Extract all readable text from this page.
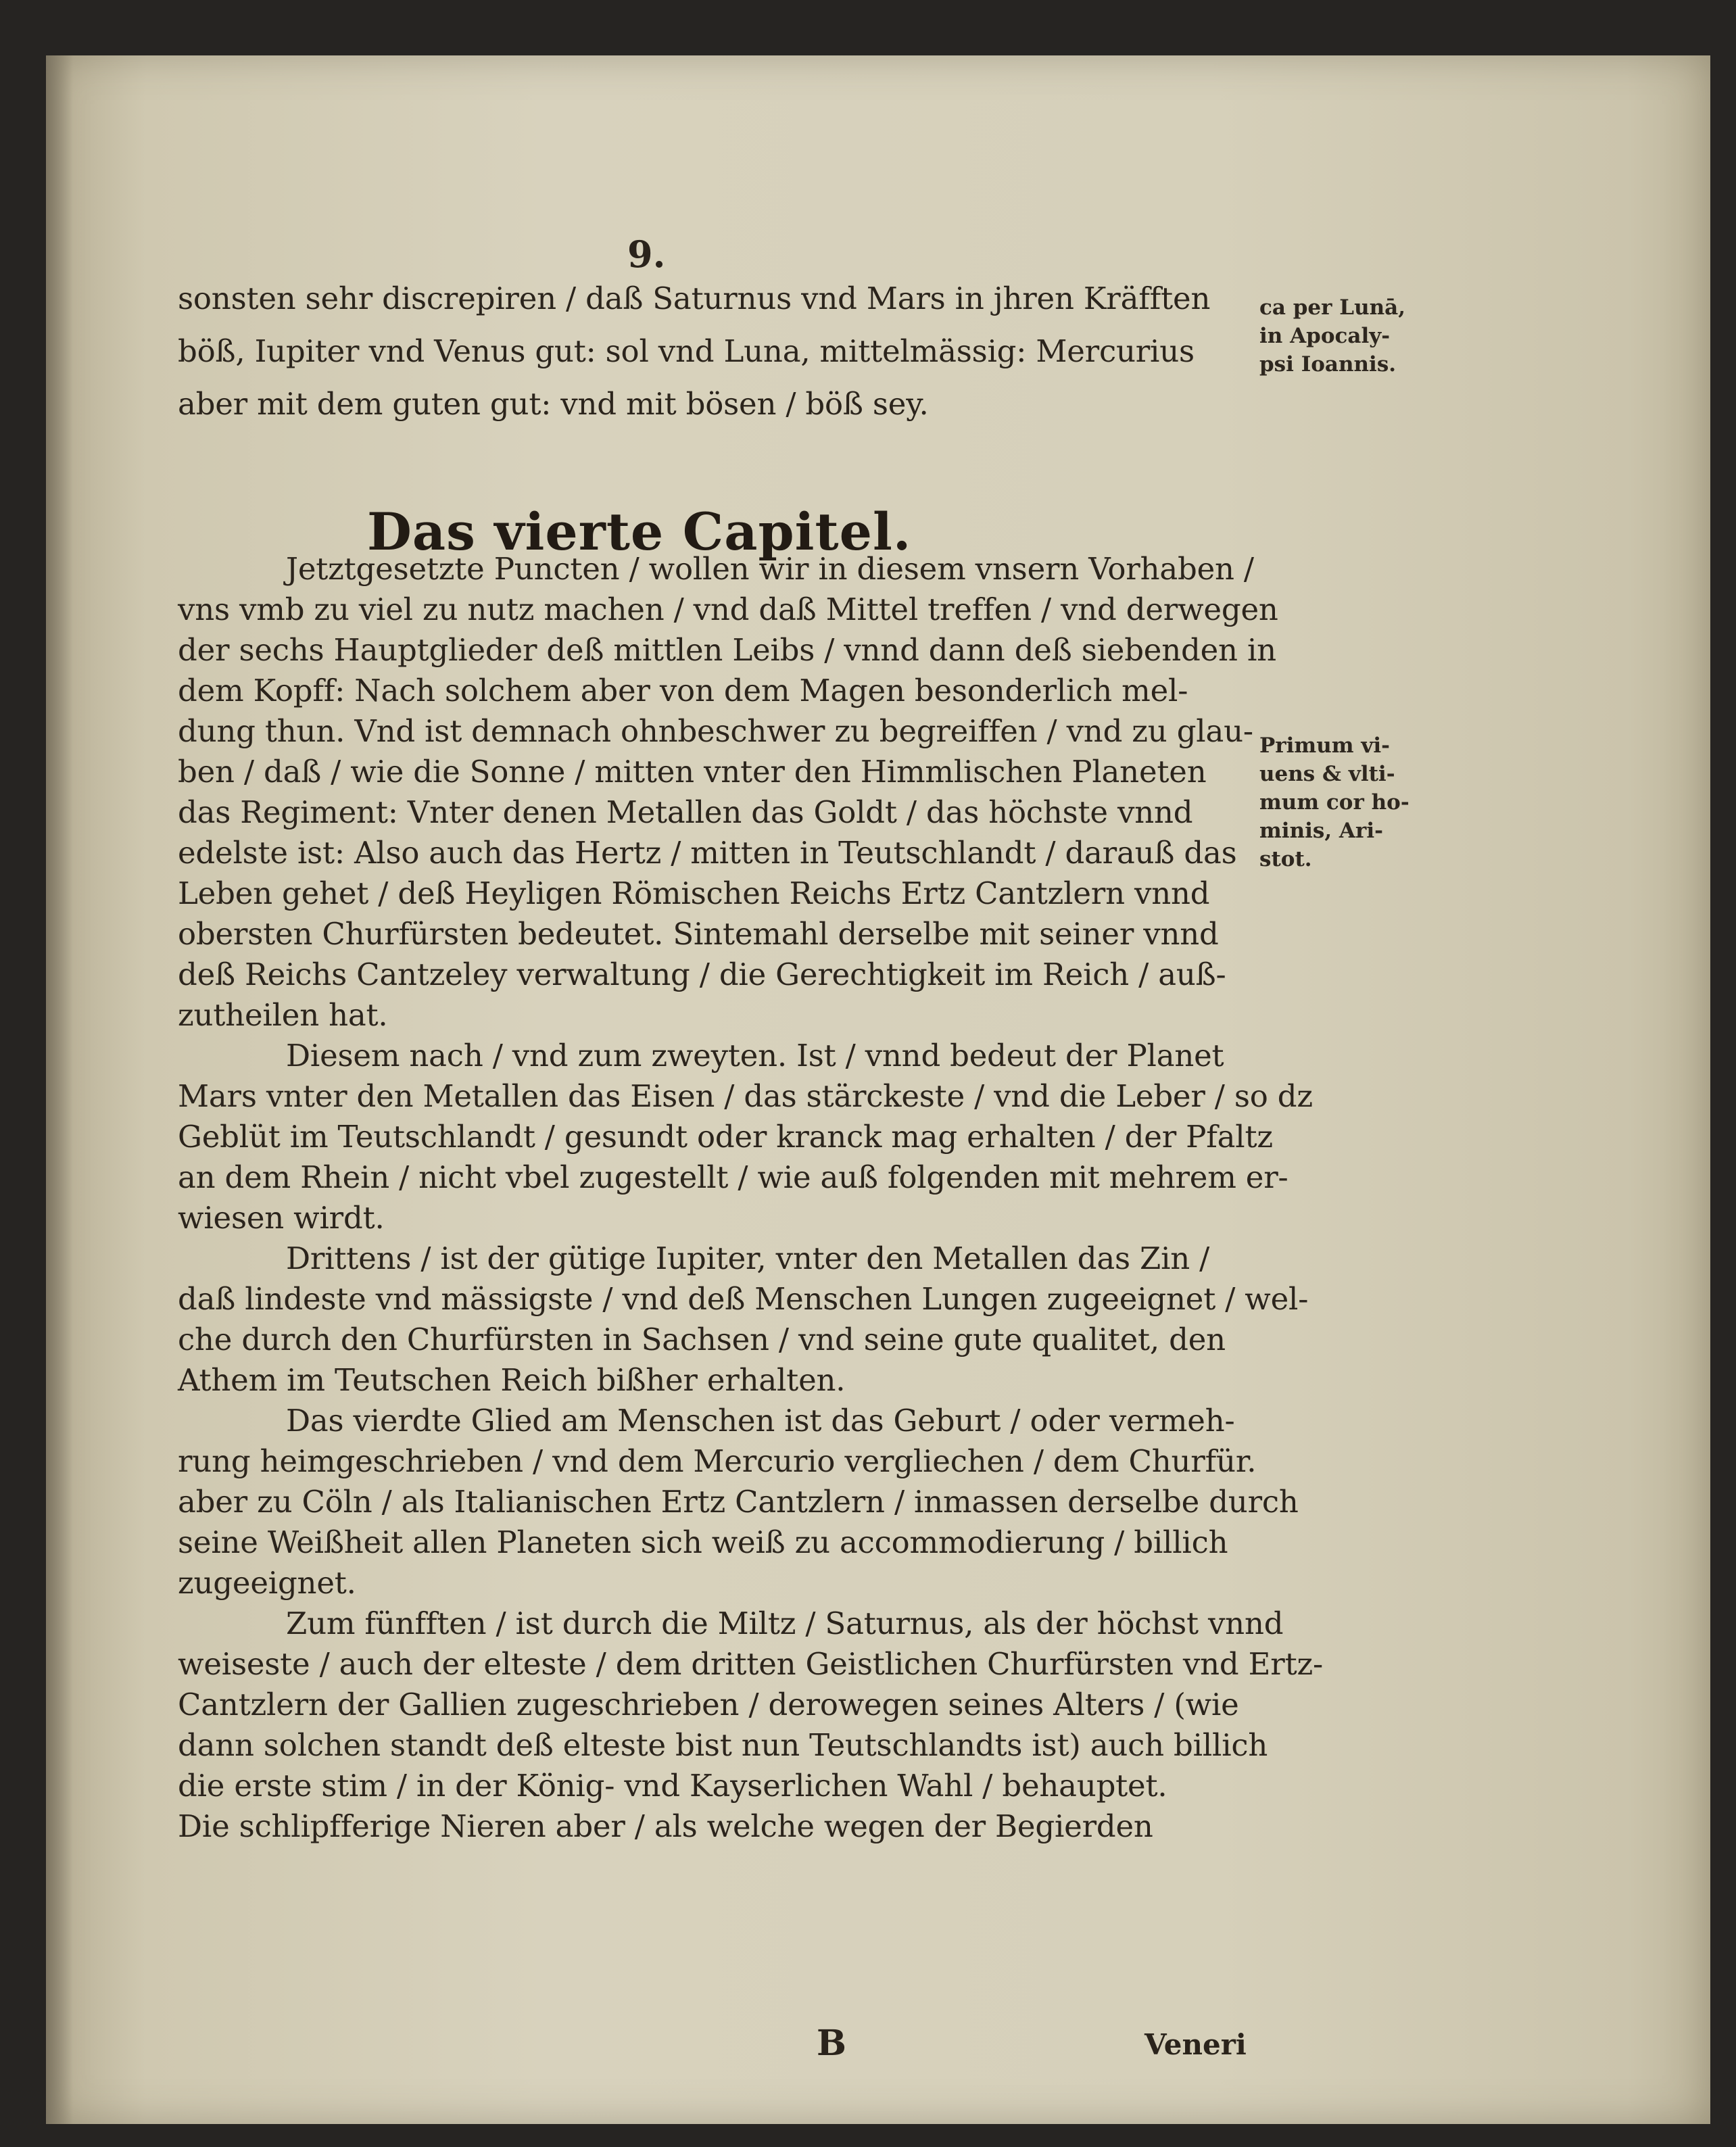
9.
sonsten sehr discrepiren / daß Saturnus vnd Mars in jhren Kräfften
böß, Iupiter vnd Venus gut: sol vnd Luna, mittelmässig: Mercurius
aber mit dem guten gut: vnd mit bösen / böß sey.
ca per Lunā,
in Apocaly-
psi Ioannis.
Das vierte Capitel.
Jetztgesetzte Puncten / wollen wir in diesem vnsern Vorhaben /
vns vmb zu viel zu nutz machen / vnd daß Mittel treffen / vnd derwegen
der sechs Hauptglieder deß mittlen Leibs / vnnd dann deß siebenden in
dem Kopff: Nach solchem aber von dem Magen besonderlich mel-
dung thun. Vnd ist demnach ohnbeschwer zu begreiffen / vnd zu glau-
ben / daß / wie die Sonne / mitten vnter den Himmlischen Planeten
das Regiment: Vnter denen Metallen das Goldt / das höchste vnnd
edelste ist: Also auch das Hertz / mitten in Teutschlandt / darauß das
Leben gehet / deß Heyligen Römischen Reichs Ertz Cantzlern vnnd
obersten Churfürsten bedeutet. Sintemahl derselbe mit seiner vnnd
deß Reichs Cantzeley verwaltung / die Gerechtigkeit im Reich / auß-
zutheilen hat.
Diesem nach / vnd zum zweyten. Ist / vnnd bedeut der Planet
Mars vnter den Metallen das Eisen / das stärckeste / vnd die Leber / so dz
Geblüt im Teutschlandt / gesundt oder kranck mag erhalten / der Pfaltz
an dem Rhein / nicht vbel zugestellt / wie auß folgenden mit mehrem er-
wiesen wirdt.
Drittens / ist der gütige Iupiter, vnter den Metallen das Zin /
daß lindeste vnd mässigste / vnd deß Menschen Lungen zugeeignet / wel-
che durch den Churfürsten in Sachsen / vnd seine gute qualitet, den
Athem im Teutschen Reich bißher erhalten.
Das vierdte Glied am Menschen ist das Geburt / oder vermeh-
rung heimgeschrieben / vnd dem Mercurio vergliechen / dem Churfür.
aber zu Cöln / als Italianischen Ertz Cantzlern / inmassen derselbe durch
seine Weißheit allen Planeten sich weiß zu accommodierung / billich
zugeeignet.
Zum fünfften / ist durch die Miltz / Saturnus, als der höchst vnnd
weiseste / auch der elteste / dem dritten Geistlichen Churfürsten vnd Ertz-
Cantzlern der Gallien zugeschrieben / derowegen seines Alters / (wie
dann solchen standt deß elteste bist nun Teutschlandts ist) auch billich
die erste stim / in der König- vnd Kayserlichen Wahl / behauptet.
Die schlipfferige Nieren aber / als welche wegen der Begierden
Primum vi-
uens & vlti-
mum cor ho-
minis, Ari-
stot.
B	Veneri
